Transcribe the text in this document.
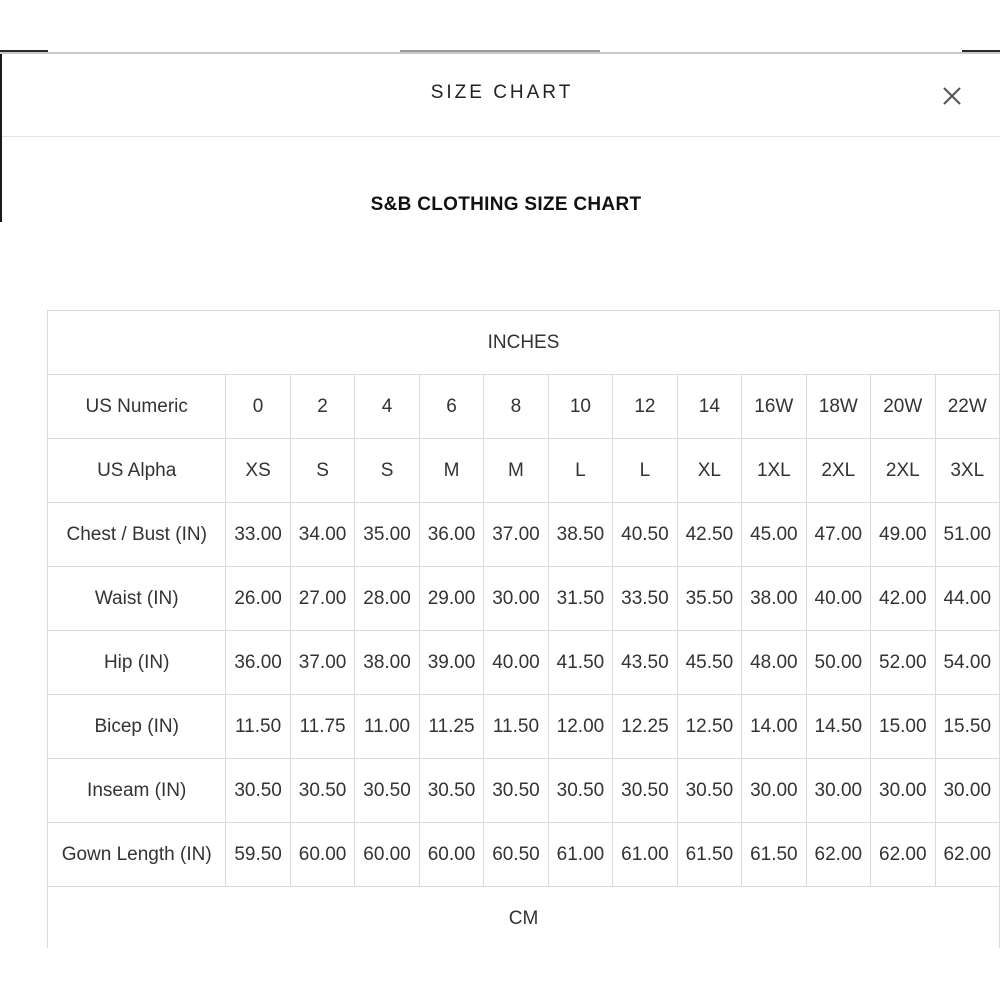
SIZE CHART
S&B CLOTHING SIZE CHART
INCHES												
US Numeric	0	2	4	6	8	10	12	14	16W	18W	20W	22W
US Alpha	XS	S	S	M	M	L	L	XL	1XL	2XL	2XL	3XL
Chest / Bust (IN)	33.00	34.00	35.00	36.00	37.00	38.50	40.50	42.50	45.00	47.00	49.00	51.00
Waist (IN)	26.00	27.00	28.00	29.00	30.00	31.50	33.50	35.50	38.00	40.00	42.00	44.00
Hip (IN)	36.00	37.00	38.00	39.00	40.00	41.50	43.50	45.50	48.00	50.00	52.00	54.00
Bicep (IN)	11.50	11.75	11.00	11.25	11.50	12.00	12.25	12.50	14.00	14.50	15.00	15.50
Inseam (IN)	30.50	30.50	30.50	30.50	30.50	30.50	30.50	30.50	30.00	30.00	30.00	30.00
Gown Length (IN)	59.50	60.00	60.00	60.00	60.50	61.00	61.00	61.50	61.50	62.00	62.00	62.00
CM												
